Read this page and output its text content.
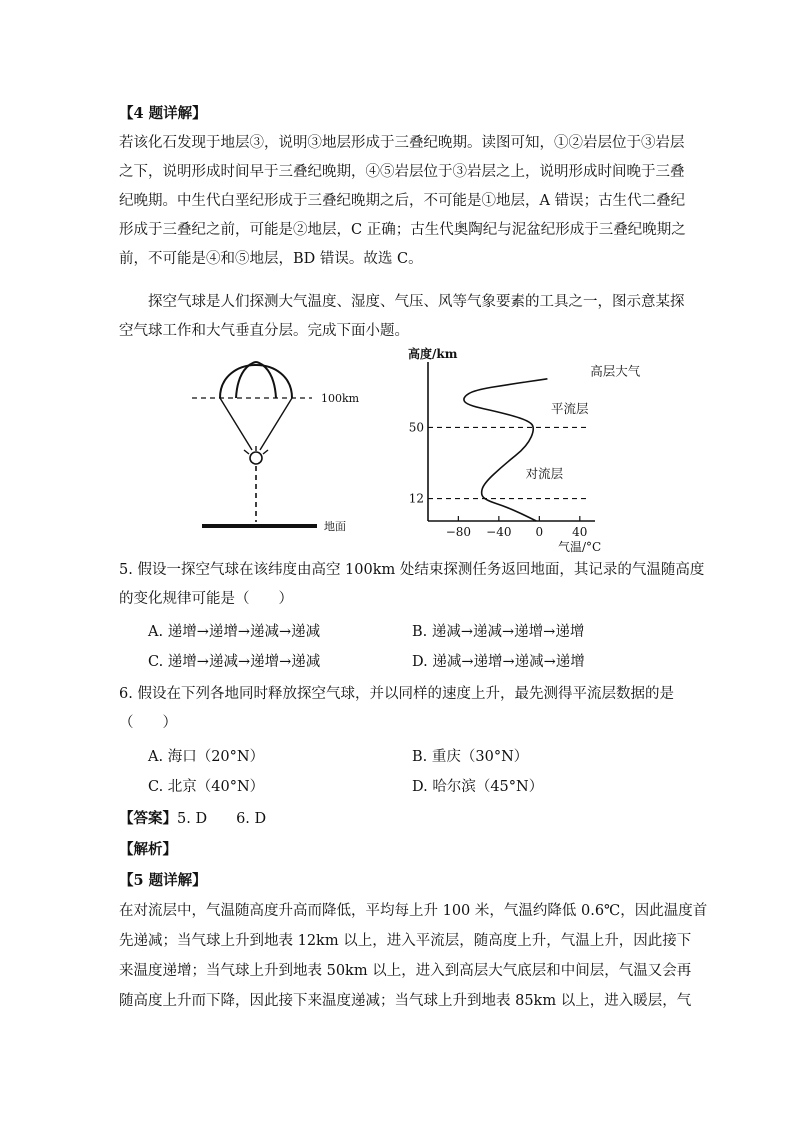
【4 题详解】
若该化石发现于地层③，说明③地层形成于三叠纪晚期。读图可知，①②岩层位于③岩层
之下，说明形成时间早于三叠纪晚期，④⑤岩层位于③岩层之上，说明形成时间晚于三叠
纪晚期。中生代白垩纪形成于三叠纪晚期之后，不可能是①地层，A 错误；古生代二叠纪
形成于三叠纪之前，可能是②地层，C 正确；古生代奥陶纪与泥盆纪形成于三叠纪晚期之
前，不可能是④和⑤地层，BD 错误。故选 C。
探空气球是人们探测大气温度、湿度、气压、风等气象要素的工具之一，图示意某探
空气球工作和大气垂直分层。完成下面小题。
100km
地面
高度/km
−80 −40 0 40
50
12
高层大气
平流层
对流层
气温/°C
5. 假设一探空气球在该纬度由高空 100km 处结束探测任务返回地面，其记录的气温随高度
的变化规律可能是（　　）
A. 递增→递增→递减→递减	B. 递减→递减→递增→递增
C. 递增→递减→递增→递减	D. 递减→递增→递减→递增
6. 假设在下列各地同时释放探空气球，并以同样的速度上升，最先测得平流层数据的是
（　　）
A. 海口（20°N）	B. 重庆（30°N）
C. 北京（40°N）	D. 哈尔滨（45°N）
【答案】5. D　　6. D
【解析】
【5 题详解】
在对流层中，气温随高度升高而降低，平均每上升 100 米，气温约降低 0.6℃，因此温度首
先递减；当气球上升到地表 12km 以上，进入平流层，随高度上升，气温上升，因此接下
来温度递增；当气球上升到地表 50km 以上，进入到高层大气底层和中间层，气温又会再
随高度上升而下降，因此接下来温度递减；当气球上升到地表 85km 以上，进入暖层，气
